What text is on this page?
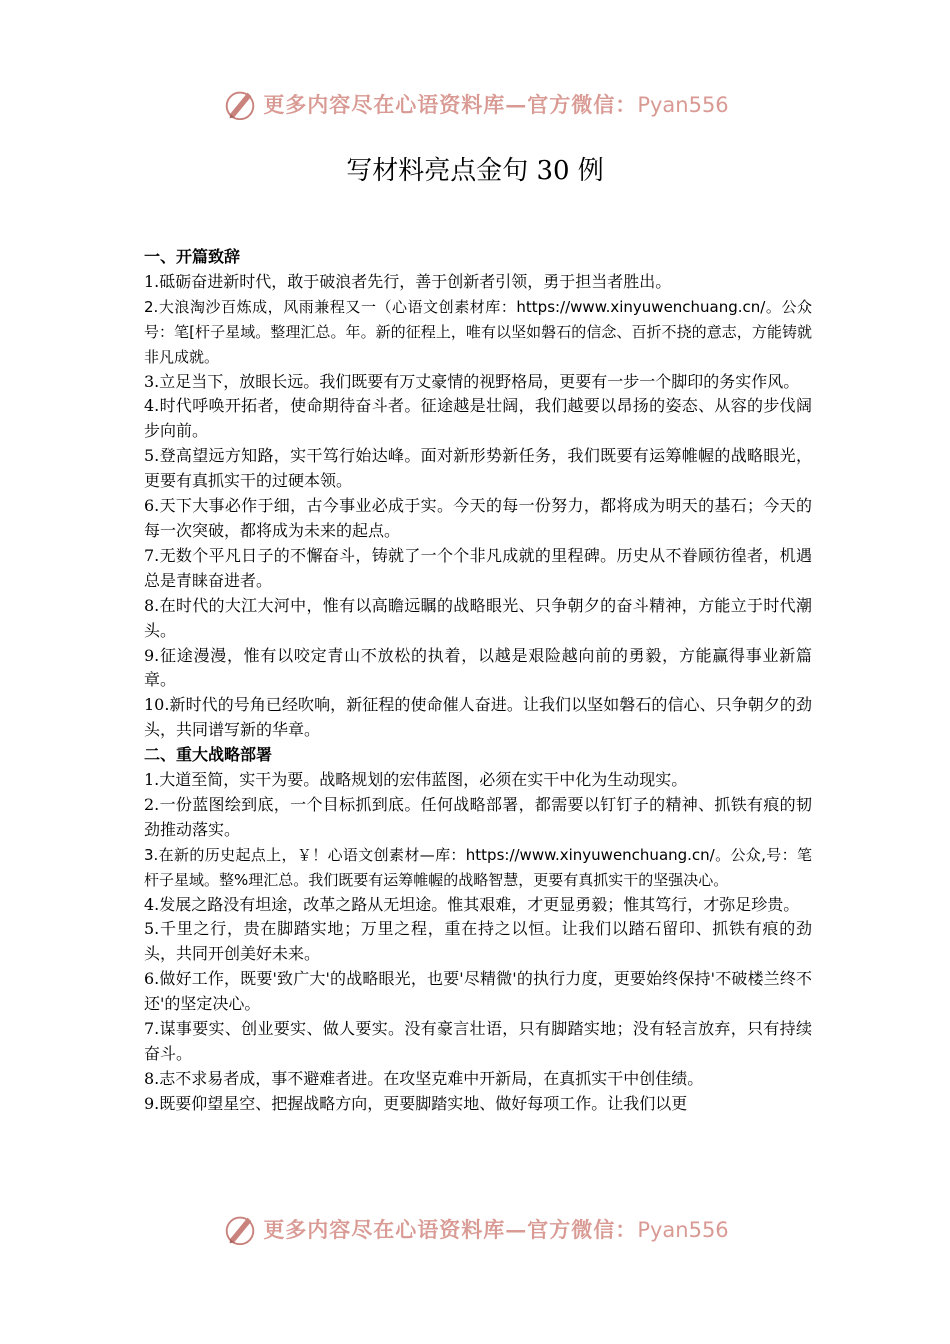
更多内容尽在心语资料库—官方微信：Pyan556
写材料亮点金句 30 例

一、开篇致辞

1.砥砺奋进新时代，敢于破浪者先行，善于创新者引领，勇于担当者胜出。

2.大浪淘沙百炼成，风雨兼程又一（心语文创素材库：https://www.xinyuwenchuang.cn/。公众号：笔[杆子星域。整理汇总。年。新的征程上，唯有以坚如磐石的信念、百折不挠的意志，方能铸就非凡成就。

3.立足当下，放眼长远。我们既要有万丈豪情的视野格局，更要有一步一个脚印的务实作风。

4.时代呼唤开拓者，使命期待奋斗者。征途越是壮阔，我们越要以昂扬的姿态、从容的步伐阔步向前。

5.登高望远方知路，实干笃行始达峰。面对新形势新任务，我们既要有运筹帷幄的战略眼光，更要有真抓实干的过硬本领。

6.天下大事必作于细，古今事业必成于实。今天的每一份努力，都将成为明天的基石；今天的每一次突破，都将成为未来的起点。

7.无数个平凡日子的不懈奋斗，铸就了一个个非凡成就的里程碑。历史从不眷顾彷徨者，机遇总是青睐奋进者。

8.在时代的大江大河中，惟有以高瞻远瞩的战略眼光、只争朝夕的奋斗精神，方能立于时代潮头。

9.征途漫漫，惟有以咬定青山不放松的执着，以越是艰险越向前的勇毅，方能赢得事业新篇章。

10.新时代的号角已经吹响，新征程的使命催人奋进。让我们以坚如磐石的信心、只争朝夕的劲头，共同谱写新的华章。

二、重大战略部署

1.大道至简，实干为要。战略规划的宏伟蓝图，必须在实干中化为生动现实。

2.一份蓝图绘到底，一个目标抓到底。任何战略部署，都需要以钉钉子的精神、抓铁有痕的韧劲推动落实。

3.在新的历史起点上，￥！心语文创素材—库：https://www.xinyuwenchuang.cn/。公众,号：笔杆子星域。整%理汇总。我们既要有运筹帷幄的战略智慧，更要有真抓实干的坚强决心。

4.发展之路没有坦途，改革之路从无坦途。惟其艰难，才更显勇毅；惟其笃行，才弥足珍贵。

5.千里之行，贵在脚踏实地；万里之程，重在持之以恒。让我们以踏石留印、抓铁有痕的劲头，共同开创美好未来。

6.做好工作，既要'致广大'的战略眼光，也要'尽精微'的执行力度，更要始终保持'不破楼兰终不还'的坚定决心。

7.谋事要实、创业要实、做人要实。没有豪言壮语，只有脚踏实地；没有轻言放弃，只有持续奋斗。

8.志不求易者成，事不避难者进。在攻坚克难中开新局，在真抓实干中创佳绩。

9.既要仰望星空、把握战略方向，更要脚踏实地、做好每项工作。让我们以更

更多内容尽在心语资料库—官方微信：Pyan556
